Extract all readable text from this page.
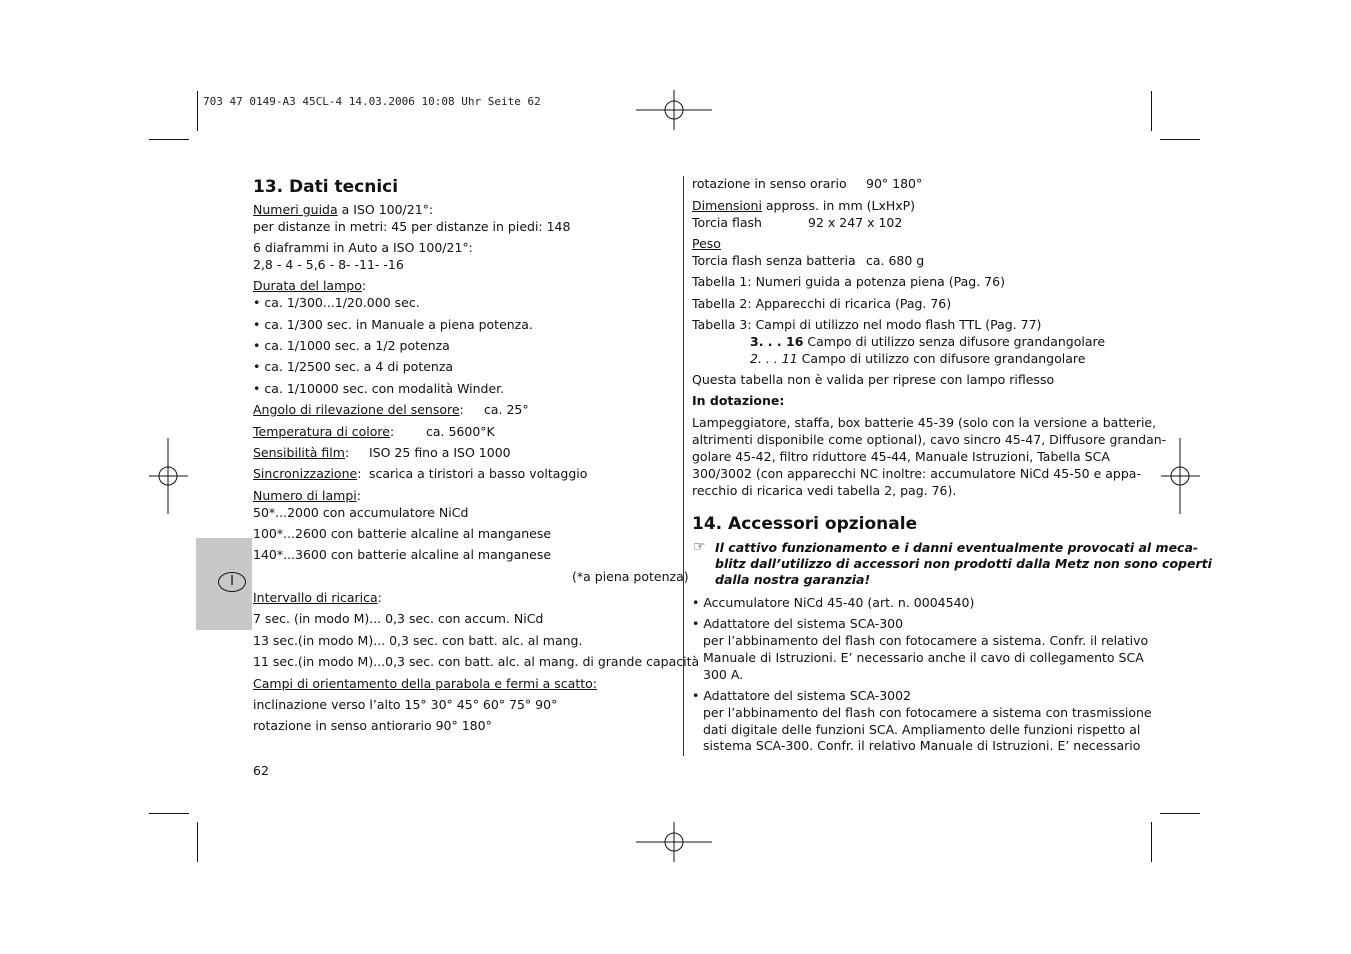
703 47 0149-A3 45CL-4 14.03.2006 10:08 Uhr Seite 62
I
13. Dati tecnici
Numeri guida a ISO 100/21°:
per distanze in metri: 45 per distanze in piedi: 148
6 diaframmi in Auto a ISO 100/21°:
2,8 - 4 - 5,6 - 8- -11- -16
Durata del lampo:
• ca. 1/300...1/20.000 sec.
• ca. 1/300 sec. in Manuale a piena potenza.
• ca. 1/1000 sec. a 1/2 potenza
• ca. 1/2500 sec. a 4 di potenza
• ca. 1/10000 sec. con modalità Winder.
Angolo di rilevazione del sensore: ca. 25°
Temperatura di colore:	ca. 5600°K
Sensibilità film: ISO 25 fino a ISO 1000
Sincronizzazione: scarica a tiristori a basso voltaggio
Numero di lampi:
50*...2000 con accumulatore NiCd
100*...2600 con batterie alcaline al manganese
140*...3600 con batterie alcaline al manganese
(*a piena potenza)
Intervallo di ricarica:
7 sec. (in modo M)... 0,3 sec. con accum. NiCd
13 sec.(in modo M)... 0,3 sec. con batt. alc. al mang.
11 sec.(in modo M)...0,3 sec. con batt. alc. al mang. di grande capacità
Campi di orientamento della parabola e fermi a scatto:
inclinazione verso l’alto 15° 30° 45° 60° 75° 90°
rotazione in senso antiorario 90° 180°
62
rotazione in senso orario 90° 180°
Dimensioni appross. in mm (LxHxP)
Torcia flash	92 x 247 x 102
Peso
Torcia flash senza batteria ca. 680 g
Tabella 1: Numeri guida a potenza piena (Pag. 76)
Tabella 2: Apparecchi di ricarica (Pag. 76)
Tabella 3: Campi di utilizzo nel modo flash TTL (Pag. 77)
3. . . 16 Campo di utilizzo senza difusore grandangolare
2. . . 11 Campo di utilizzo con difusore grandangolare
Questa tabella non è valida per riprese con lampo riflesso
In dotazione:
Lampeggiatore, staffa, box batterie 45-39 (solo con la versione a batterie,
altrimenti disponibile come optional), cavo sincro 45-47, Diffusore grandan-
golare 45-42, filtro riduttore 45-44, Manuale Istruzioni, Tabella SCA
300/3002 (con apparecchi NC inoltre: accumulatore NiCd 45-50 e appa-
recchio di ricarica vedi tabella 2, pag. 76).
14. Accessori opzionale
☞ Il cattivo funzionamento e i danni eventualmente provocati al meca-
blitz dall’utilizzo di accessori non prodotti dalla Metz non sono coperti
dalla nostra garanzia!
• Accumulatore NiCd 45-40 (art. n. 0004540)
• Adattatore del sistema SCA-300
per l’abbinamento del flash con fotocamere a sistema. Confr. il relativo
Manuale di Istruzioni. E’ necessario anche il cavo di collegamento SCA
300 A.
• Adattatore del sistema SCA-3002
per l’abbinamento del flash con fotocamere a sistema con trasmissione
dati digitale delle funzioni SCA. Ampliamento delle funzioni rispetto al
sistema SCA-300. Confr. il relativo Manuale di Istruzioni. E’ necessario
